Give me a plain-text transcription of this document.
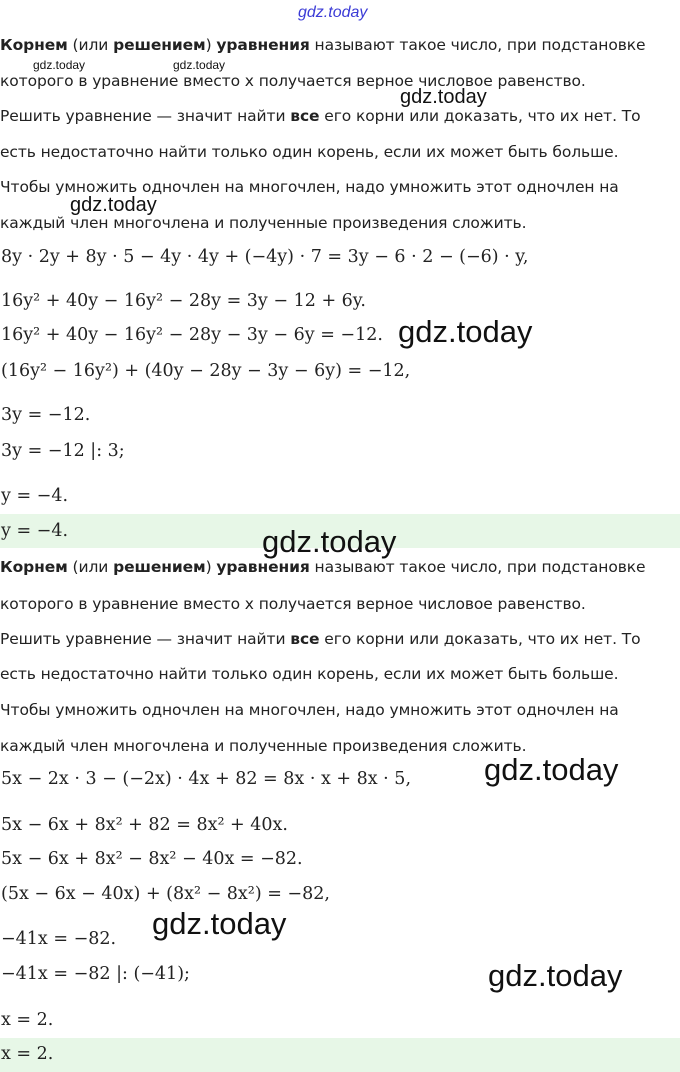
gdz.today
Корнем (или решением) уравнения называют такое число, при подстановке
gdz.today	gdz.today
которого в уравнение вместо x получается верное числовое равенство.
gdz.today
Решить уравнение — значит найти все его корни или доказать, что их нет. То
есть недостаточно найти только один корень, если их может быть больше.
Чтобы умножить одночлен на многочлен, надо умножить этот одночлен на
gdz.today
каждый член многочлена и полученные произведения сложить.
8y · 2y + 8y · 5 − 4y · 4y + (−4y) · 7 = 3y − 6 · 2 − (−6) · y,
16y² + 40y − 16y² − 28y = 3y − 12 + 6y.
16y² + 40y − 16y² − 28y − 3y − 6y = −12. gdz.today
(16y² − 16y²) + (40y − 28y − 3y − 6y) = −12,
3y = −12.
3y = −12 |: 3;
y = −4.
y = −4.	gdz.today
Корнем (или решением) уравнения называют такое число, при подстановке
которого в уравнение вместо x получается верное числовое равенство.
Решить уравнение — значит найти все его корни или доказать, что их нет. То
есть недостаточно найти только один корень, если их может быть больше.
Чтобы умножить одночлен на многочлен, надо умножить этот одночлен на
каждый член многочлена и полученные произведения сложить.
5x − 2x · 3 − (−2x) · 4x + 82 = 8x · x + 8x · 5, gdz.today
5x − 6x + 8x² + 82 = 8x² + 40x.
5x − 6x + 8x² − 8x² − 40x = −82.
(5x − 6x − 40x) + (8x² − 8x²) = −82,
gdz.today
−41x = −82.
−41x = −82 |: (−41);	gdz.today
x = 2.
x = 2.
